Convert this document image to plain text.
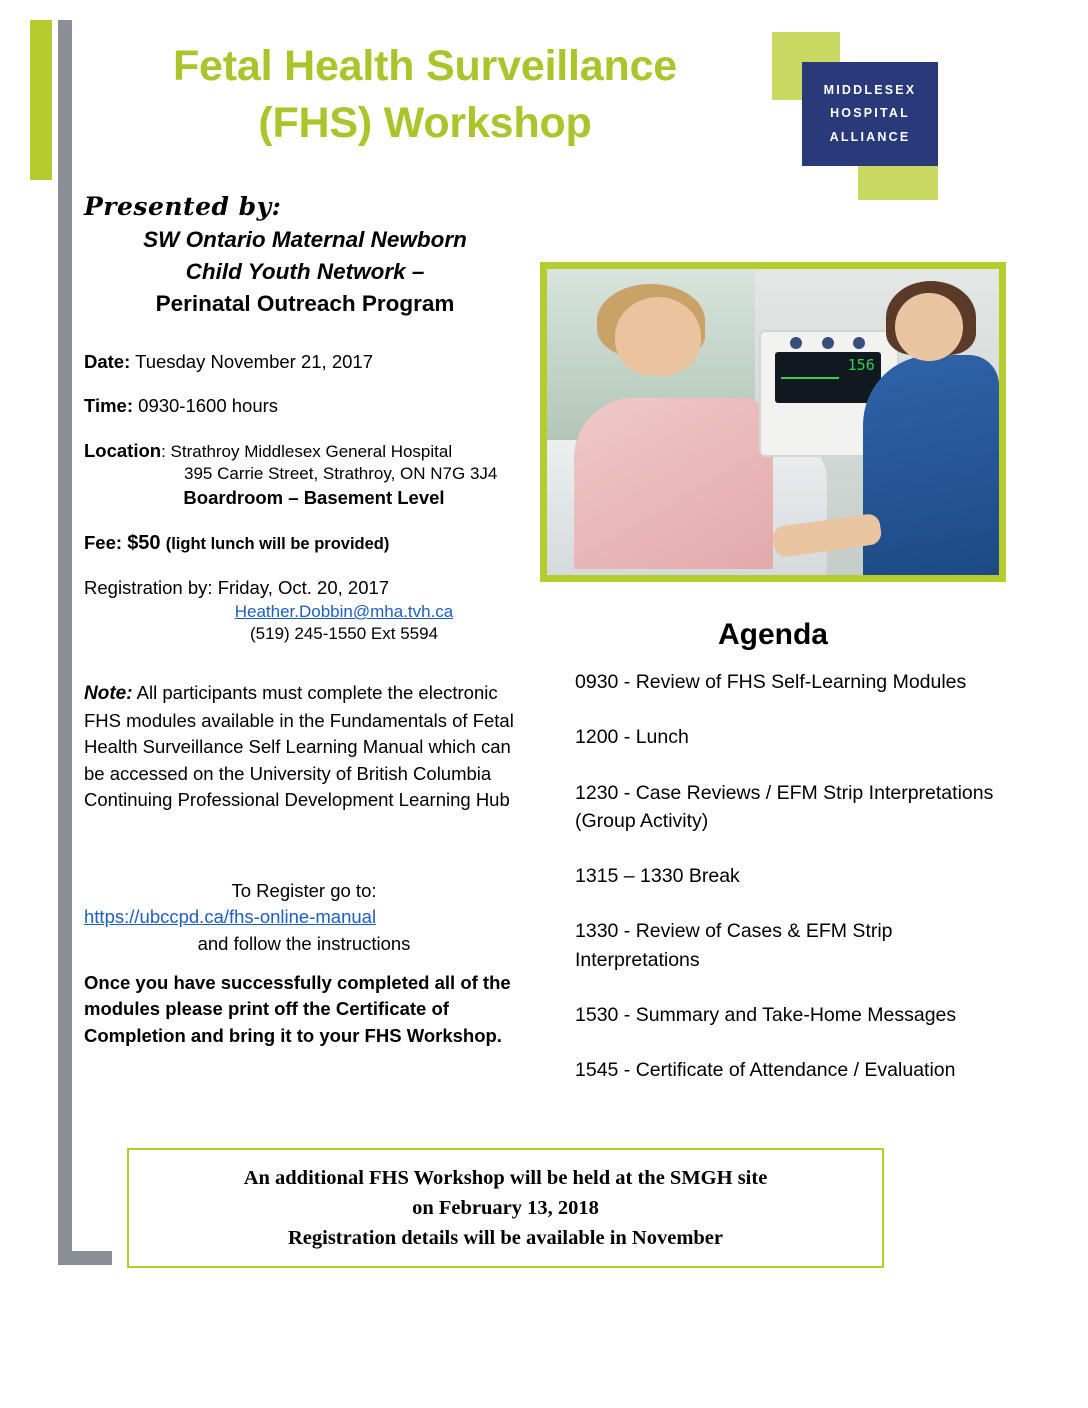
Fetal Health Surveillance
(FHS) Workshop
MIDDLESEX
HOSPITAL
ALLIANCE
Presented by:
SW Ontario Maternal Newborn
Child Youth Network –
Perinatal Outreach Program
Date: Tuesday November 21, 2017
Time: 0930-1600 hours
Location: Strathroy Middlesex General Hospital
395 Carrie Street, Strathroy, ON N7G 3J4
Boardroom – Basement Level
Fee: $50 (light lunch will be provided)
Registration by: Friday, Oct. 20, 2017
Heather.Dobbin@mha.tvh.ca
(519) 245-1550 Ext 5594
Note: All participants must complete the electronic FHS modules available in the Fundamentals of Fetal Health Surveillance Self Learning Manual which can be accessed on the University of British Columbia Continuing Professional Development Learning Hub
To Register go to:
https://ubccpd.ca/fhs-online-manual
and follow the instructions
Once you have successfully completed all of the modules please print off the Certificate of Completion and bring it to your FHS Workshop.
156
Agenda
0930 - Review of FHS Self-Learning Modules
1200 - Lunch
1230 - Case Reviews / EFM Strip Interpretations (Group Activity)
1315 – 1330 Break
1330 - Review of Cases & EFM Strip Interpretations
1530 - Summary and Take-Home Messages
1545 - Certificate of Attendance / Evaluation
An additional FHS Workshop will be held at the SMGH site
on February 13, 2018
Registration details will be available in November
